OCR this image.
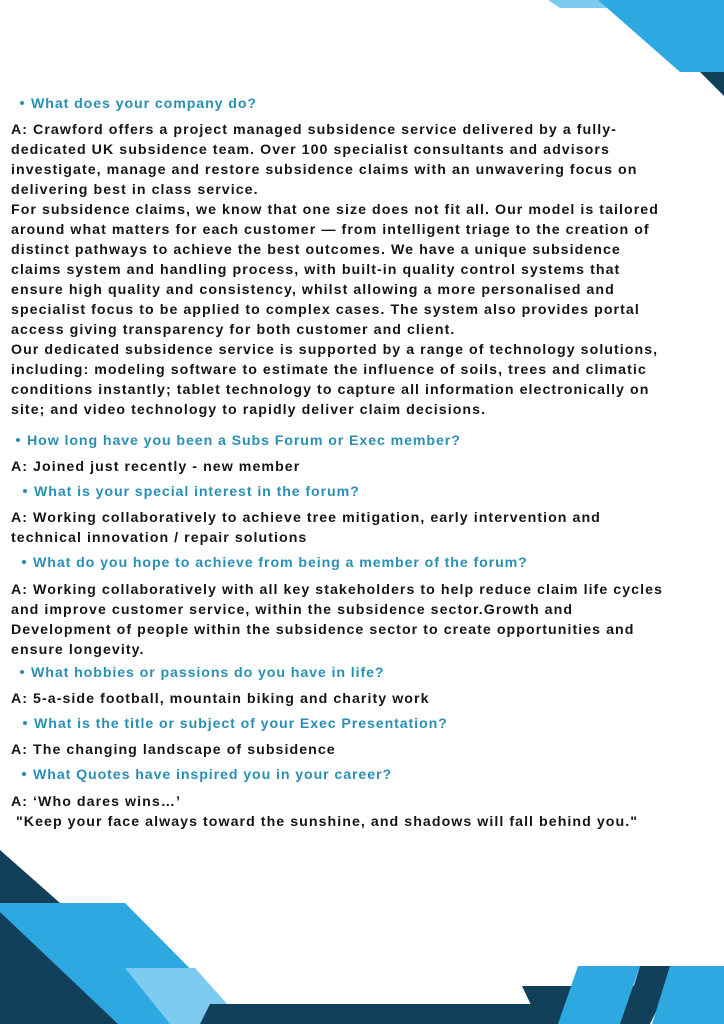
What does your company do?

A: Crawford offers a project managed subsidence service delivered by a fully-
dedicated UK subsidence team. Over 100 specialist consultants and advisors
investigate, manage and restore subsidence claims with an unwavering focus on
delivering best in class service.
For subsidence claims, we know that one size does not fit all. Our model is tailored
around what matters for each customer — from intelligent triage to the creation of
distinct pathways to achieve the best outcomes. We have a unique subsidence
claims system and handling process, with built-in quality control systems that
ensure high quality and consistency, whilst allowing a more personalised and
specialist focus to be applied to complex cases. The system also provides portal
access giving transparency for both customer and client.
Our dedicated subsidence service is supported by a range of technology solutions,
including: modeling software to estimate the influence of soils, trees and climatic
conditions instantly; tablet technology to capture all information electronically on
site; and video technology to rapidly deliver claim decisions.

How long have you been a Subs Forum or Exec member?

A: Joined just recently - new member

What is your special interest in the forum?

A: Working collaboratively to achieve tree mitigation, early intervention and
technical innovation / repair solutions

What do you hope to achieve from being a member of the forum?

A: Working collaboratively with all key stakeholders to help reduce claim life cycles
and improve customer service, within the subsidence sector.Growth and
Development of people within the subsidence sector to create opportunities and
ensure longevity.

What hobbies or passions do you have in life?

A: 5-a-side football, mountain biking and charity work

What is the title or subject of your Exec Presentation?

A: The changing landscape of subsidence

What Quotes have inspired you in your career?

A: ‘Who dares wins…’
"Keep your face always toward the sunshine, and shadows will fall behind you."
